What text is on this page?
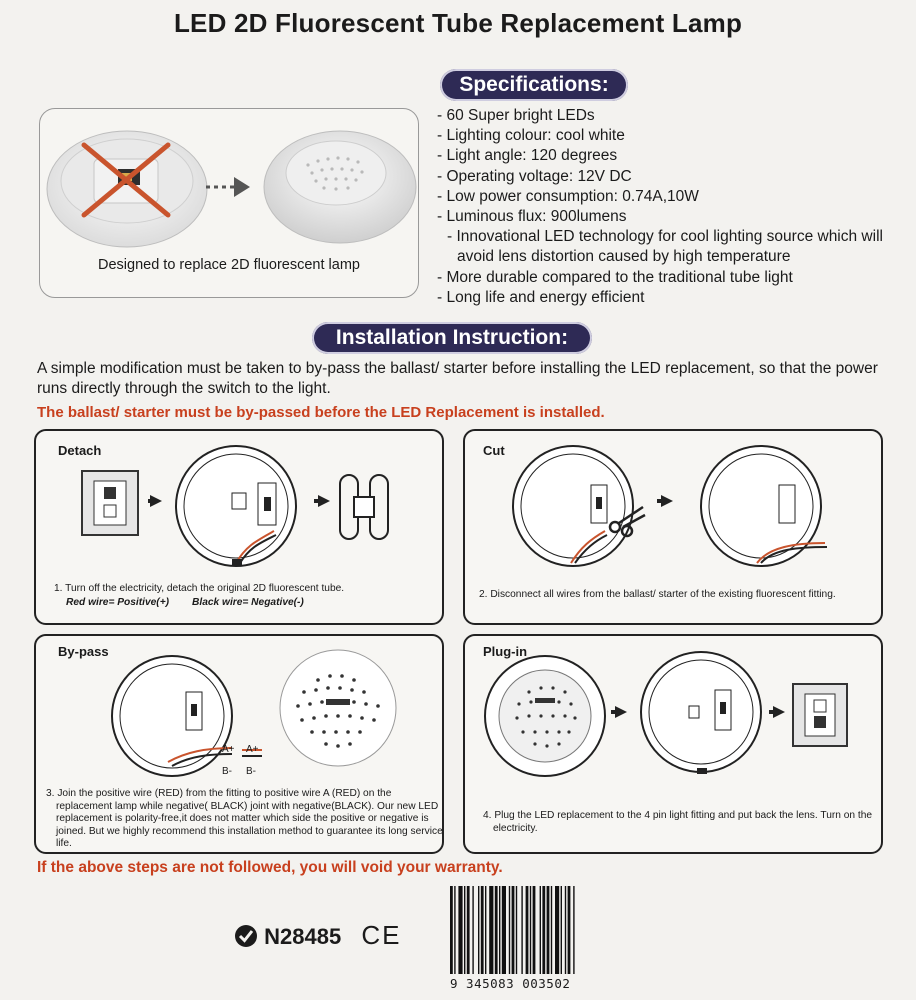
LED 2D Fluorescent Tube Replacement Lamp
Designed to replace 2D fluorescent lamp
Specifications:
- 60 Super bright LEDs
- Lighting colour: cool white
- Light angle: 120 degrees
- Operating voltage: 12V DC
- Low power consumption: 0.74A,10W
- Luminous flux: 900lumens
- Innovational LED technology for cool lighting source which will avoid lens distortion caused by high temperature
- More durable compared to the traditional tube light
- Long life and energy efficient
Installation Instruction:
A simple modification must be taken to by-pass the ballast/ starter before installing the LED replacement, so that the power runs directly through the switch to the light.
The ballast/ starter must be by-passed before the LED Replacement is installed.
Detach
1. Turn off the electricity, detach the original 2D fluorescent tube.
Red wire= Positive(+) Black wire= Negative(-)
Cut
2. Disconnect all wires from the ballast/ starter of the existing fluorescent fitting.
By-pass
A+
B-
A+
B-
3. Join the positive wire (RED) from the fitting to positive wire A (RED) on the replacement lamp while negative( BLACK) joint with negative(BLACK). Our new LED replacement is polarity-free,it does not matter which side the positive or negative is joined. But we highly recommend this installation method to guarantee its long service life.
Plug-in
4. Plug the LED replacement to the 4 pin light fitting and put back the lens. Turn on the electricity.
If the above steps are not followed, you will void your warranty.
N28485 CE
9 345083 003502
